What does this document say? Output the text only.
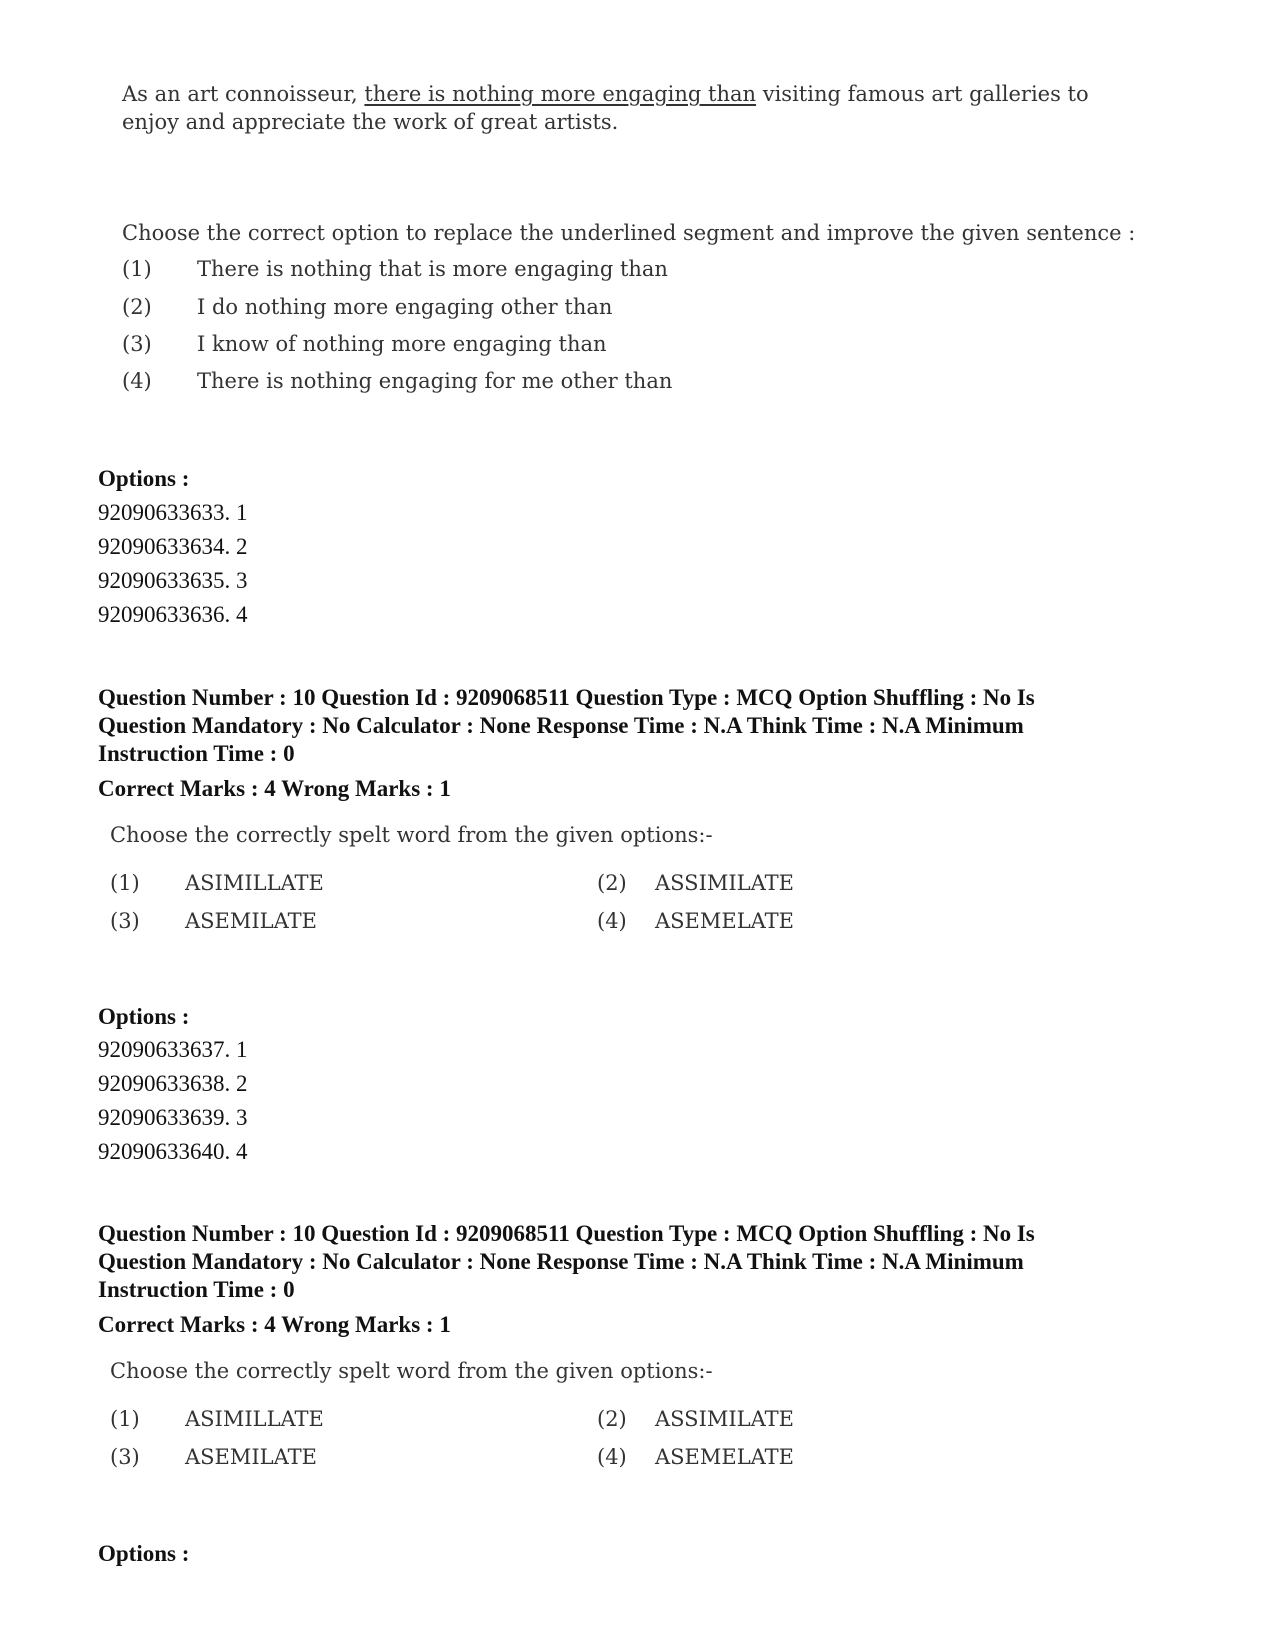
As an art connoisseur, there is nothing more engaging than visiting famous art galleries to enjoy and appreciate the work of great artists.
Choose the correct option to replace the underlined segment and improve the given sentence :
(1)	There is nothing that is more engaging than
(2)	I do nothing more engaging other than
(3)	I know of nothing more engaging than
(4)	There is nothing engaging for me other than
Options :
92090633633. 1
92090633634. 2
92090633635. 3
92090633636. 4
Question Number : 10 Question Id : 9209068511 Question Type : MCQ Option Shuffling : No Is
Question Mandatory : No Calculator : None Response Time : N.A Think Time : N.A Minimum
Instruction Time : 0
Correct Marks : 4 Wrong Marks : 1
Choose the correctly spelt word from the given options:-
(1)	ASIMILLATE	(2)	ASSIMILATE
(3)	ASEMILATE	(4)	ASEMELATE
Options :
92090633637. 1
92090633638. 2
92090633639. 3
92090633640. 4
Question Number : 10 Question Id : 9209068511 Question Type : MCQ Option Shuffling : No Is
Question Mandatory : No Calculator : None Response Time : N.A Think Time : N.A Minimum
Instruction Time : 0
Correct Marks : 4 Wrong Marks : 1
Choose the correctly spelt word from the given options:-
(1)	ASIMILLATE	(2)	ASSIMILATE
(3)	ASEMILATE	(4)	ASEMELATE
Options :
